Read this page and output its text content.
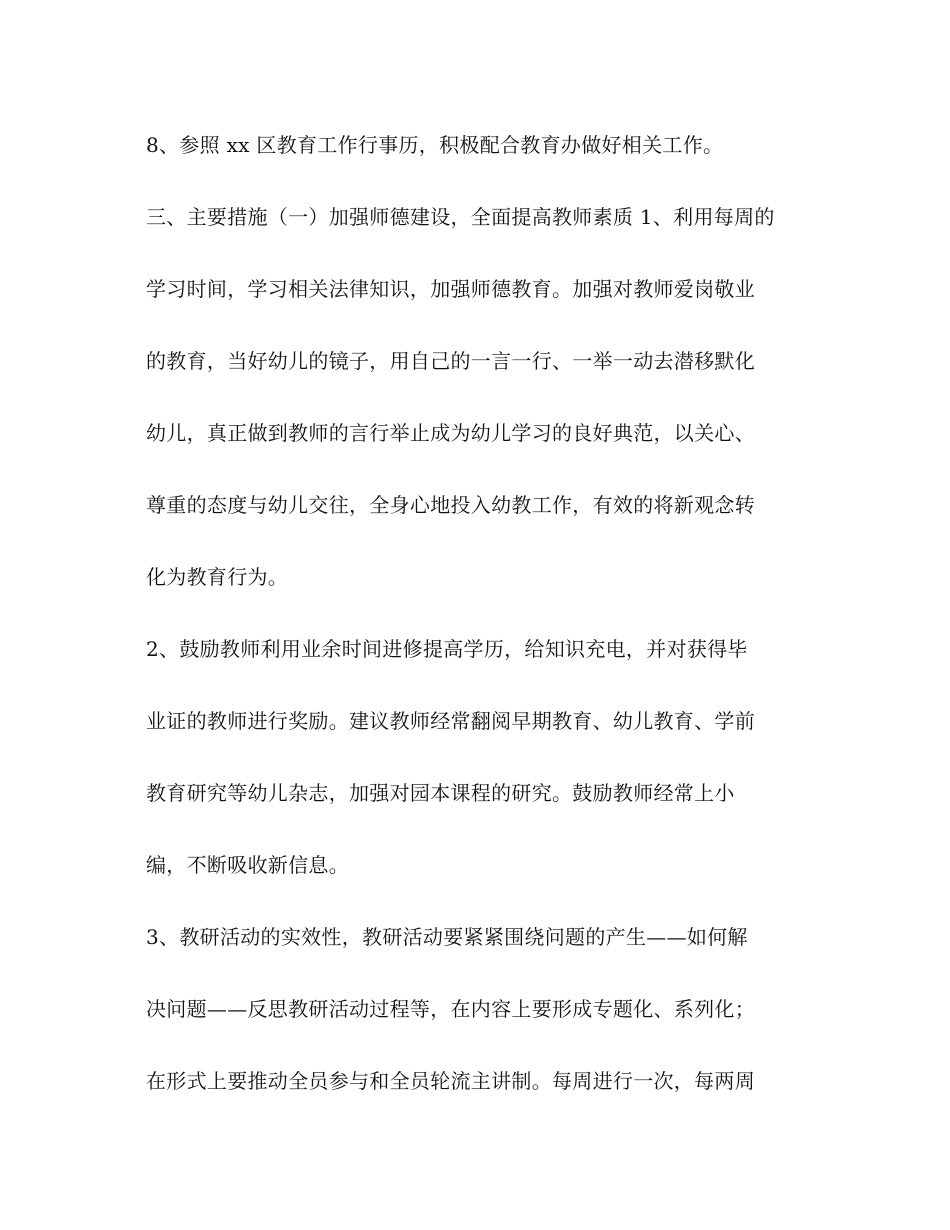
8、参照 xx 区教育工作行事历，积极配合教育办做好相关工作。
三、主要措施（一）加强师德建设，全面提高教师素质 1、利用每周的
学习时间，学习相关法律知识，加强师德教育。加强对教师爱岗敬业
的教育，当好幼儿的镜子，用自己的一言一行、一举一动去潜移默化
幼儿，真正做到教师的言行举止成为幼儿学习的良好典范，以关心、
尊重的态度与幼儿交往，全身心地投入幼教工作，有效的将新观念转
化为教育行为。
2、鼓励教师利用业余时间进修提高学历，给知识充电，并对获得毕
业证的教师进行奖励。建议教师经常翻阅早期教育、幼儿教育、学前
教育研究等幼儿杂志，加强对园本课程的研究。鼓励教师经常上小
编，不断吸收新信息。
3、教研活动的实效性，教研活动要紧紧围绕问题的产生——如何解
决问题——反思教研活动过程等，在内容上要形成专题化、系列化；
在形式上要推动全员参与和全员轮流主讲制。每周进行一次，每两周
